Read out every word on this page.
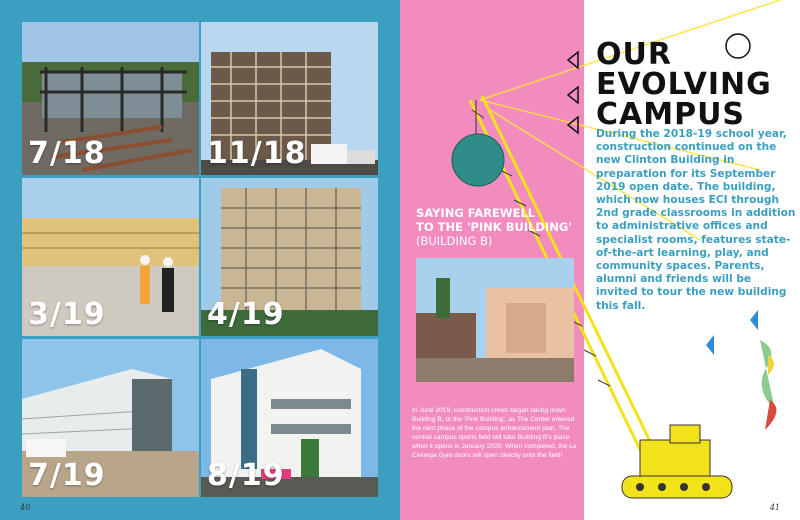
7/18	11/18
3/19	4/19
7/19	8/19
40
SAYING FAREWELL
TO THE 'PINK BUILDING'
(BUILDING B)
In June 2019, construction crews began taking down Building B, or the 'Pink Building', as The Center entered the next phase of the campus enhancement plan. The central campus sports field will take Building B's place when it opens in January 2020. When completed, the La Cienega Gym doors will open directly onto the field!
OUR
EVOLVING
CAMPUS
During the 2018-19 school year, construction continued on the new Clinton Building in preparation for its September 2019 open date. The building, which now houses ECI through 2nd grade classrooms in addition to administrative offices and specialist rooms, features state-of-the-art learning, play, and community spaces. Parents, alumni and friends will be invited to tour the new building this fall.
41
